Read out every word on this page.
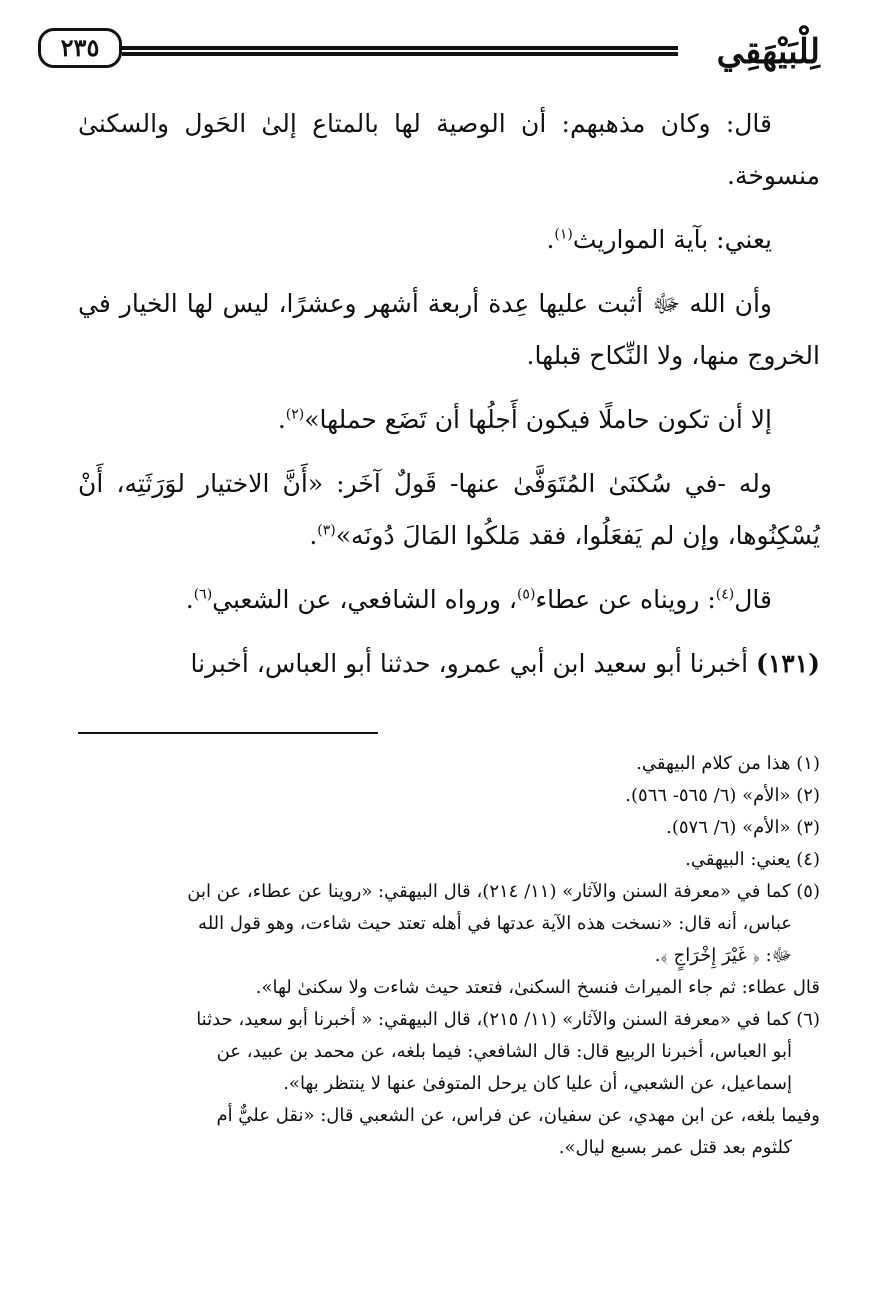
لِلْبَيْهَقِي
٢٣٥

قال: وكان مذهبهم: أن الوصية لها بالمتاع إلىٰ الحَول والسكنىٰ منسوخة.

يعني: بآية المواريث$^{(١)}$.

وأن الله ﷻ أثبت عليها عِدة أربعة أشهر وعشرًا، ليس لها الخيار في الخروج منها، ولا النِّكاح قبلها.

إلا أن تكون حاملًا فيكون أَجلُها أن تَضَع حملها»$^{(٢)}$.

وله -في سُكنَىٰ المُتَوَفَّىٰ عنها- قَولٌ آخَر: «أَنَّ الاختيار لوَرَثَتِه، أَنْ يُسْكِنُوها، وإن لم يَفعَلُوا، فقد مَلكُوا المَالَ دُونَه»$^{(٣)}$.

قال$^{(٤)}$: رويناه عن عطاء$^{(٥)}$، ورواه الشافعي، عن الشعبي$^{(٦)}$.

(١٣١) أخبرنا أبو سعيد ابن أبي عمرو، حدثنا أبو العباس، أخبرنا

(١) هذا من كلام البيهقي.

(٢) «الأم» (٦/ ٥٦٥- ٥٦٦).

(٣) «الأم» (٦/ ٥٧٦).

(٤) يعني: البيهقي.

(٥) كما في «معرفة السنن والآثار» (١١/ ٢١٤)، قال البيهقي: «روينا عن عطاء، عن ابن

عباس، أنه قال: «نسخت هذه الآية عدتها في أهله تعتد حيث شاءت، وهو قول الله

ﷻ: ﴿ غَيْرَ إِخْرَاجٍ ﴾.

قال عطاء: ثم جاء الميراث فنسخ السكنىٰ، فتعتد حيث شاءت ولا سكنىٰ لها».

(٦) كما في «معرفة السنن والآثار» (١١/ ٢١٥)، قال البيهقي: « أخبرنا أبو سعيد، حدثنا

أبو العباس، أخبرنا الربيع قال: قال الشافعي: فيما بلغه، عن محمد بن عبيد، عن

إسماعيل، عن الشعبي، أن عليا كان يرحل المتوفىٰ عنها لا ينتظر بها».

وفيما بلغه، عن ابن مهدي، عن سفيان، عن فراس، عن الشعبي قال: «نقل عليٌّ أم

كلثوم بعد قتل عمر بسبع ليال».
